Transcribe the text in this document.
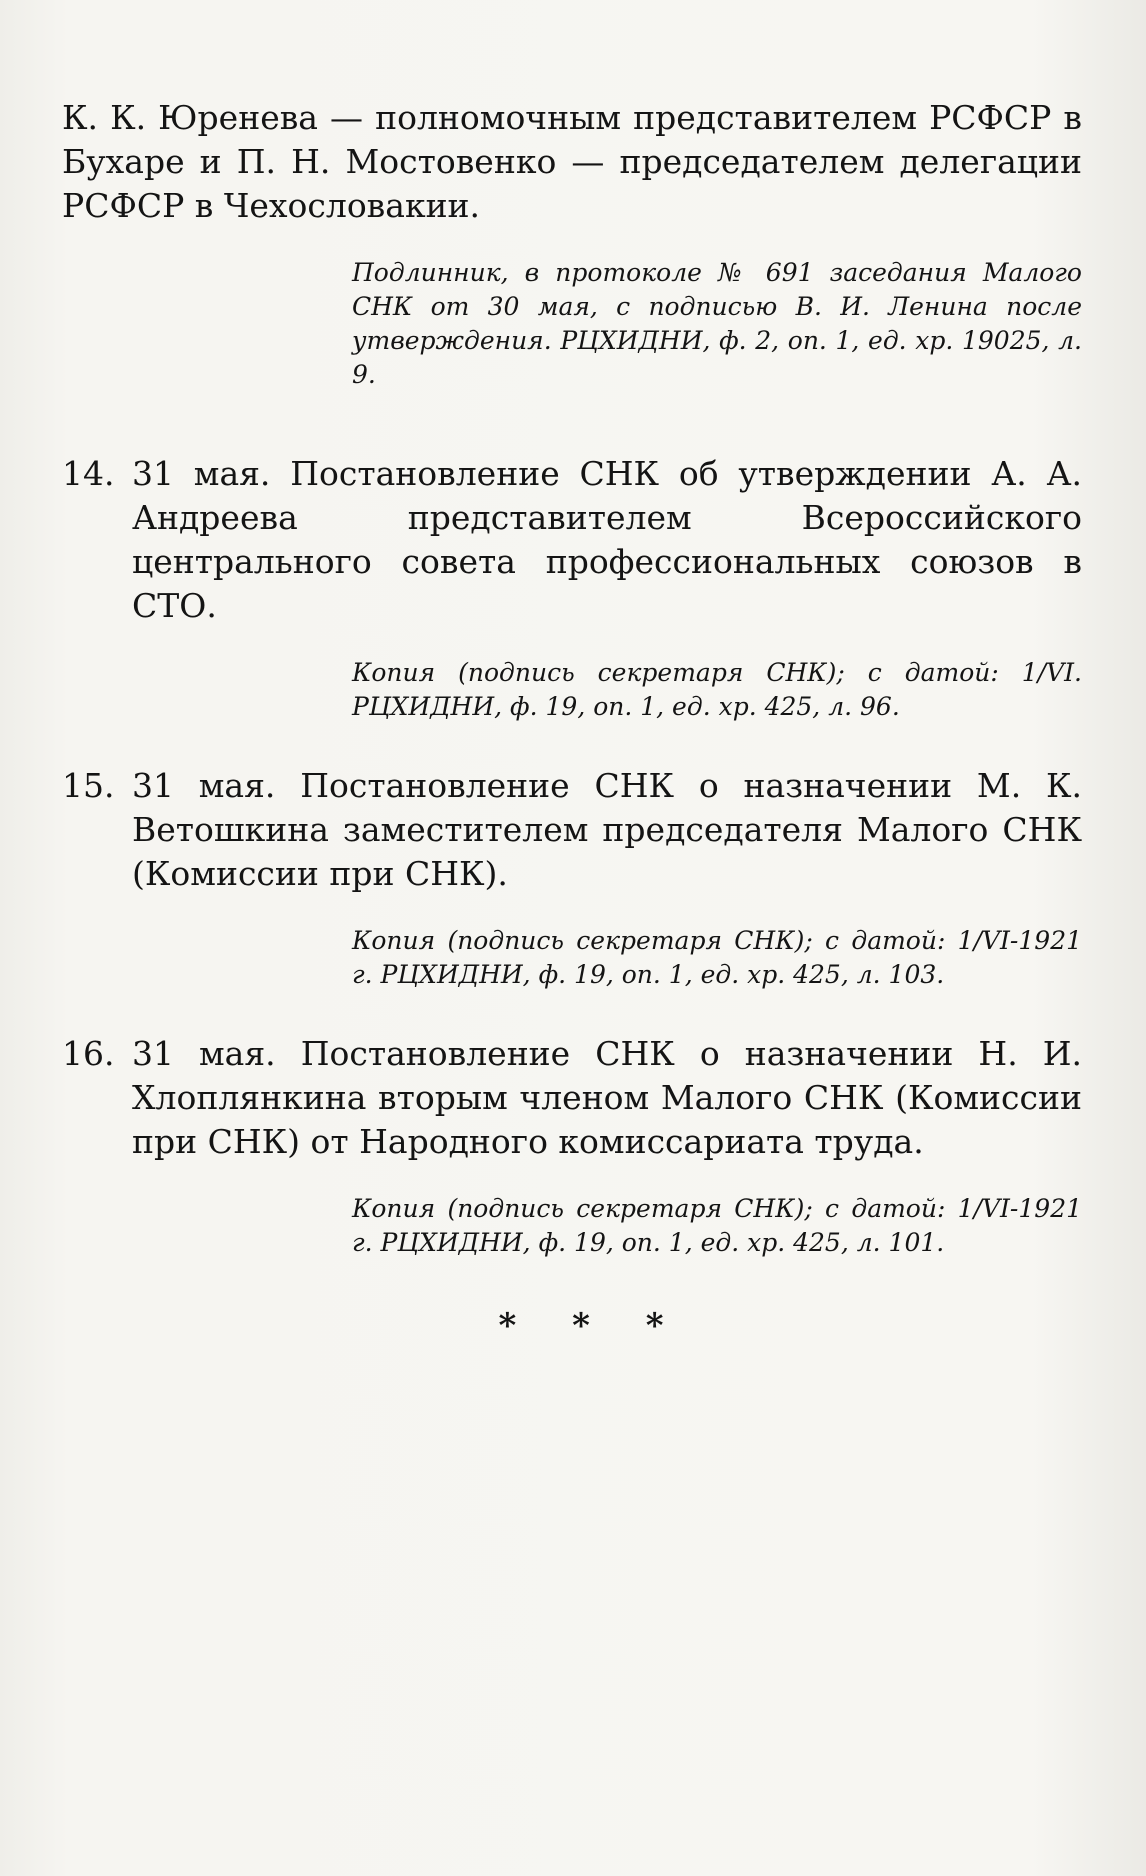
К. К. Юренева — полномочным представителем РСФСР в Бухаре и П. Н. Мостовенко — председателем делегации РСФСР в Чехословакии.

Подлинник, в протоколе № 691 заседания Малого СНК от 30 мая, с подписью В. И. Ленина после утверждения. РЦХИДНИ, ф. 2, оп. 1, ед. хр. 19025, л. 9.

14. 31 мая. Постановление СНК об утверждении А. А. Андреева представителем Всероссийского центрального совета профессиональных союзов в СТО.

Копия (подпись секретаря СНК); с датой: 1/VI. РЦХИДНИ, ф. 19, оп. 1, ед. хр. 425, л. 96.

15. 31 мая. Постановление СНК о назначении М. К. Ветошкина заместителем председателя Малого СНК (Комиссии при СНК).

Копия (подпись секретаря СНК); с датой: 1/VI-1921 г. РЦХИДНИ, ф. 19, оп. 1, ед. хр. 425, л. 103.

16. 31 мая. Постановление СНК о назначении Н. И. Хлоплянкина вторым членом Малого СНК (Комиссии при СНК) от Народного комиссариата труда.

Копия (подпись секретаря СНК); с датой: 1/VI-1921 г. РЦХИДНИ, ф. 19, оп. 1, ед. хр. 425, л. 101.

* * *
